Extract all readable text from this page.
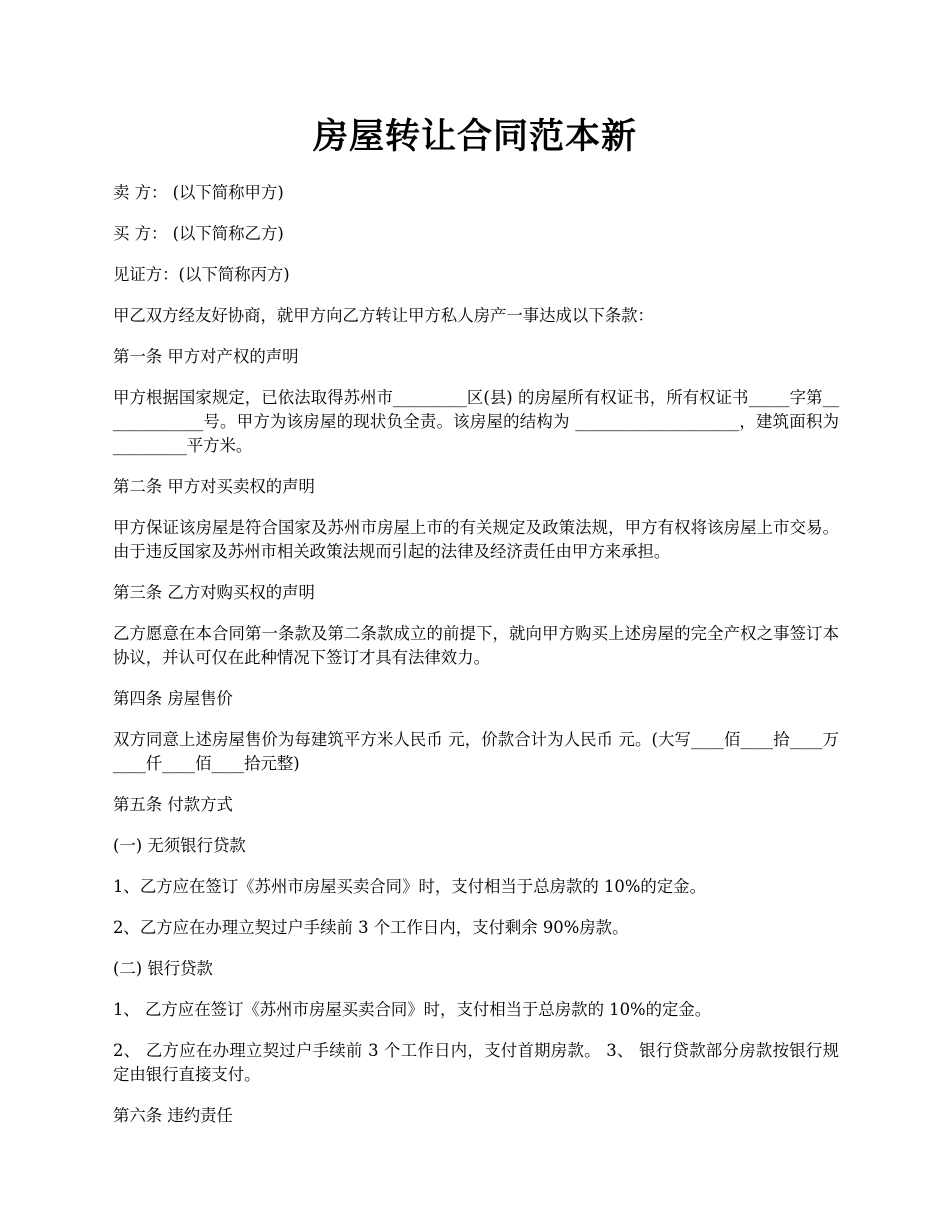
房屋转让合同范本新

卖 方： (以下简称甲方)

买 方： (以下简称乙方)

见证方：(以下简称丙方)

甲乙双方经友好协商，就甲方向乙方转让甲方私人房产一事达成以下条款：

第一条 甲方对产权的声明

甲方根据国家规定，已依法取得苏州市_________区(县) 的房屋所有权证书，所有权证书_____字第_____________号。甲方为该房屋的现状负全责。该房屋的结构为 ____________________，建筑面积为_________平方米。

第二条 甲方对买卖权的声明

甲方保证该房屋是符合国家及苏州市房屋上市的有关规定及政策法规，甲方有权将该房屋上市交易。由于违反国家及苏州市相关政策法规而引起的法律及经济责任由甲方来承担。

第三条 乙方对购买权的声明

乙方愿意在本合同第一条款及第二条款成立的前提下，就向甲方购买上述房屋的完全产权之事签订本协议，并认可仅在此种情况下签订才具有法律效力。

第四条 房屋售价

双方同意上述房屋售价为每建筑平方米人民币 元，价款合计为人民币 元。(大写____佰____拾____万____仟____佰____拾元整)

第五条 付款方式

(一) 无须银行贷款

1、乙方应在签订《苏州市房屋买卖合同》时，支付相当于总房款的 10%的定金。

2、乙方应在办理立契过户手续前 3 个工作日内，支付剩余 90%房款。

(二) 银行贷款

1、 乙方应在签订《苏州市房屋买卖合同》时，支付相当于总房款的 10%的定金。

2、 乙方应在办理立契过户手续前 3 个工作日内，支付首期房款。 3、 银行贷款部分房款按银行规定由银行直接支付。

第六条 违约责任
